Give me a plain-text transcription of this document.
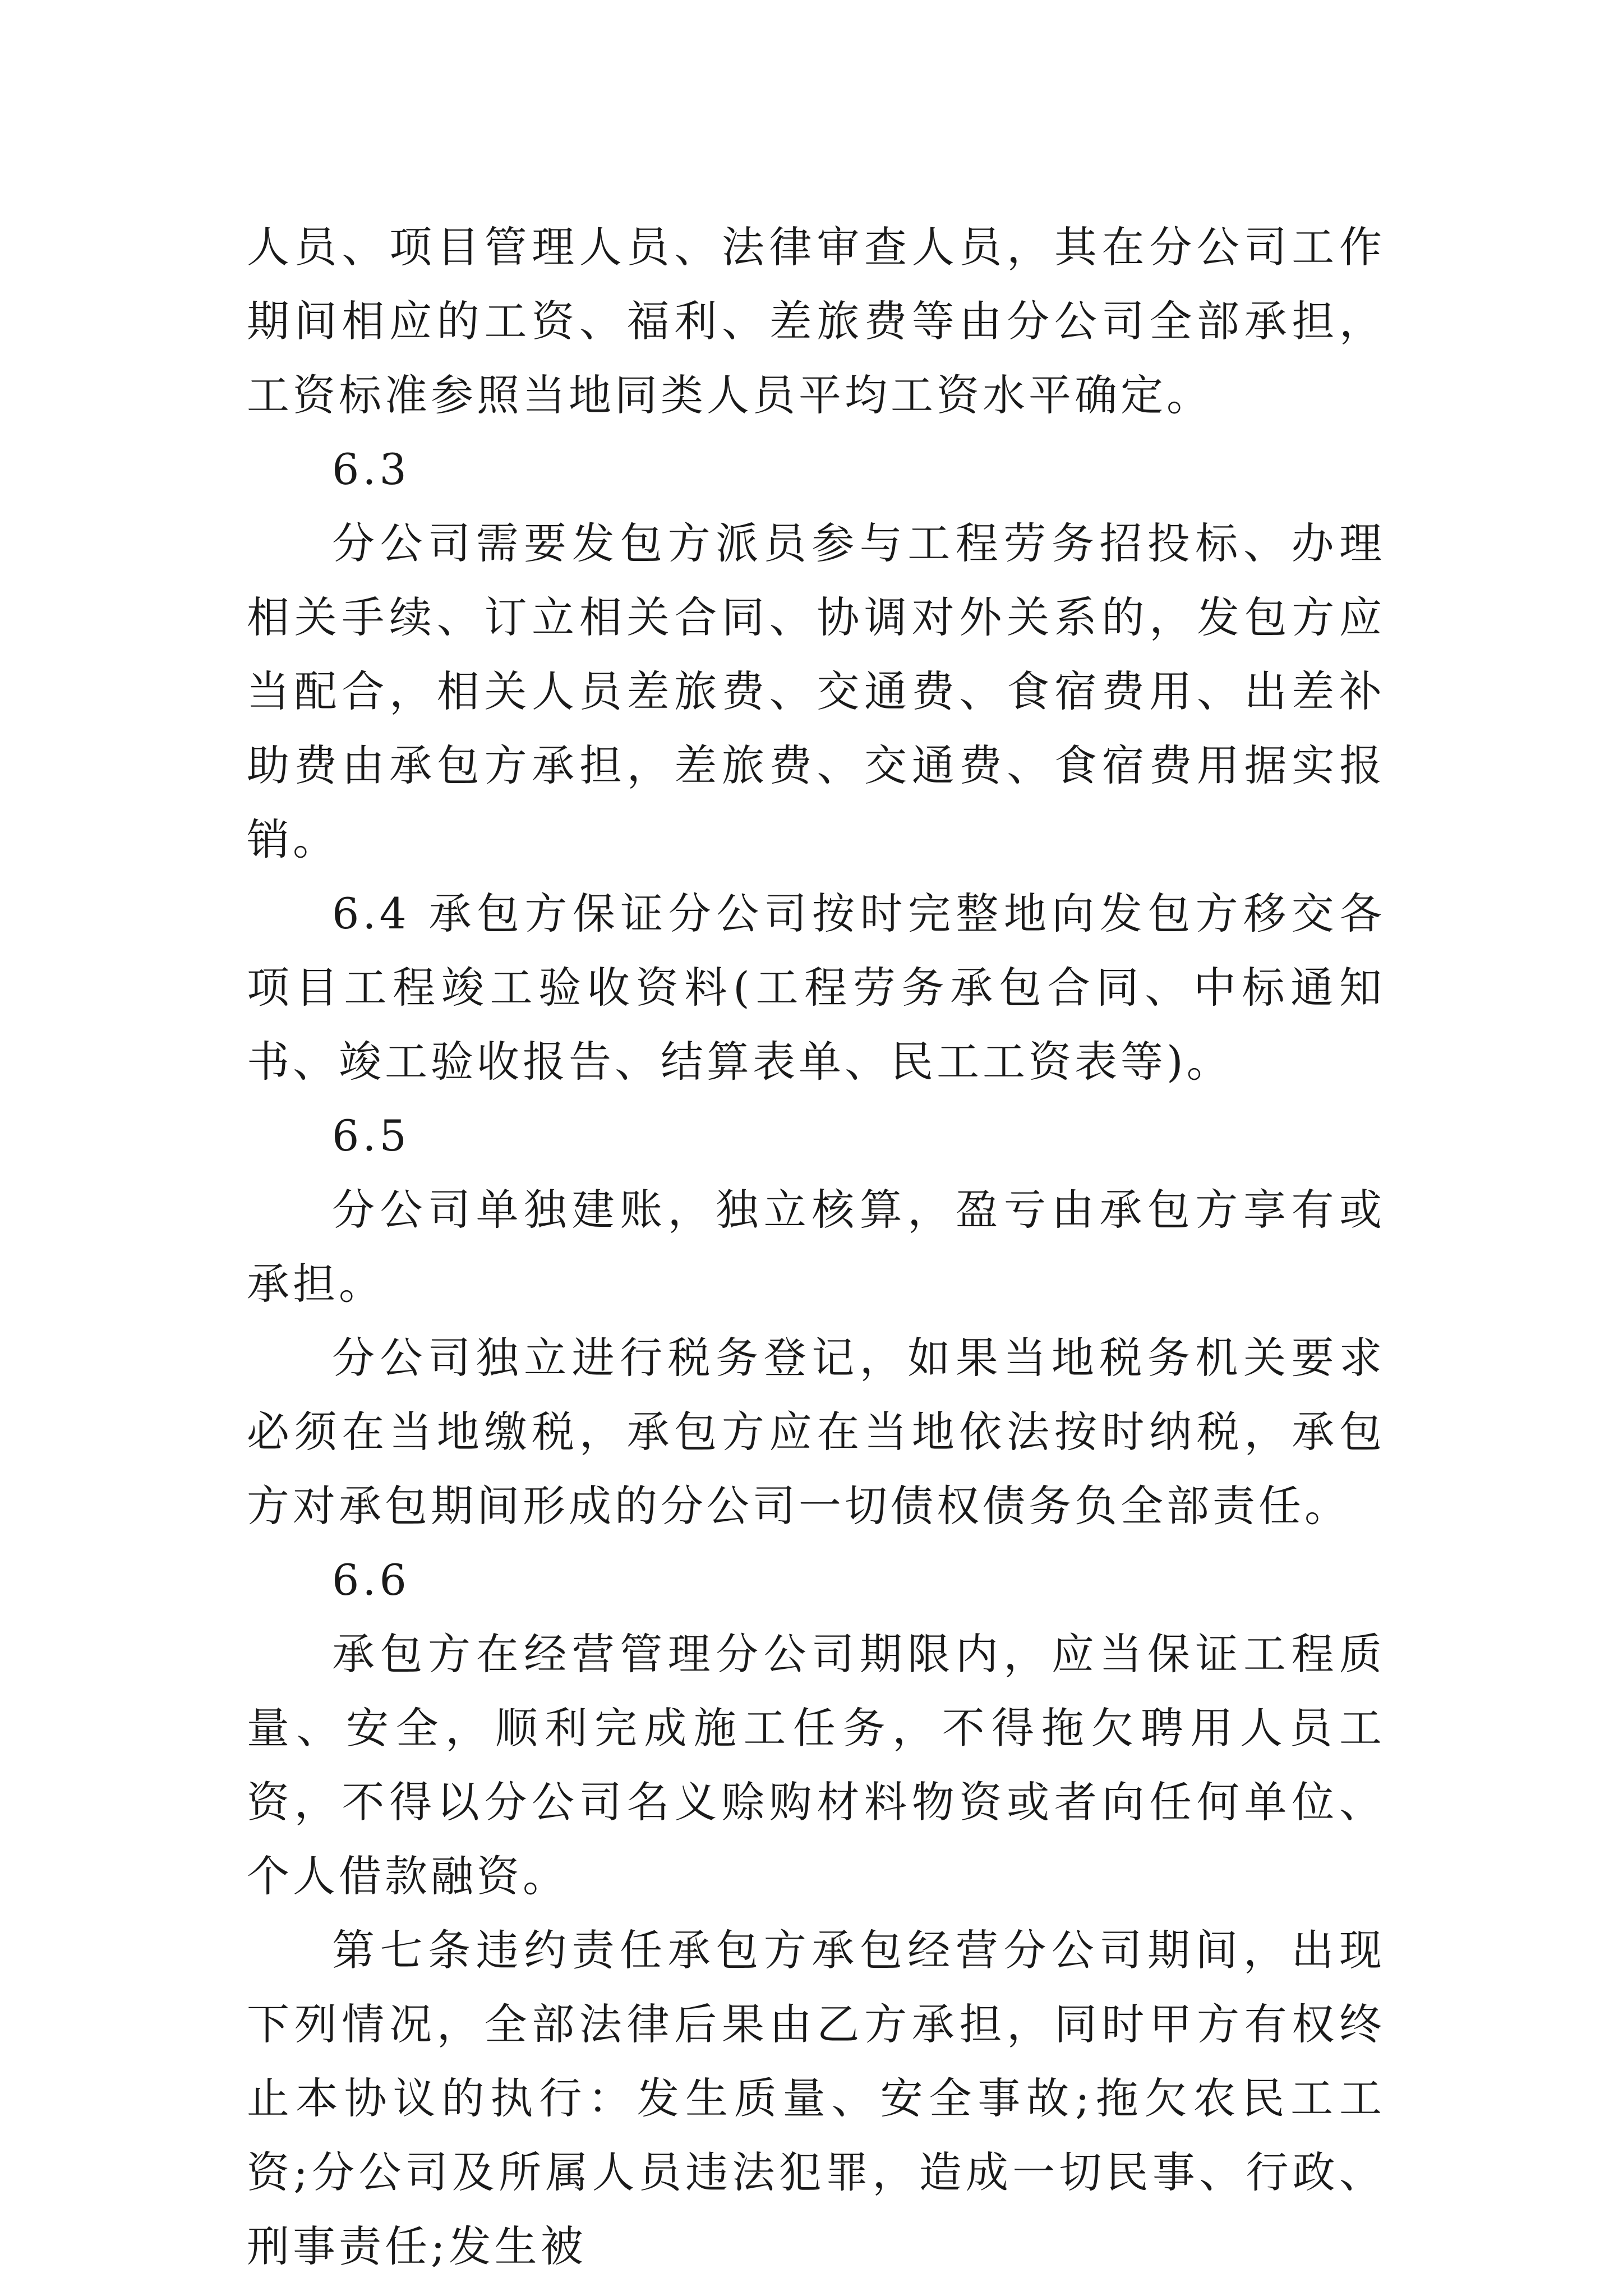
人员、项目管理人员、法律审查人员，其在分公司工作期间相应的工资、福利、差旅费等由分公司全部承担，工资标准参照当地同类人员平均工资水平确定。

6.3

分公司需要发包方派员参与工程劳务招投标、办理相关手续、订立相关合同、协调对外关系的，发包方应当配合，相关人员差旅费、交通费、食宿费用、出差补助费由承包方承担，差旅费、交通费、食宿费用据实报销。

6.4 承包方保证分公司按时完整地向发包方移交各项目工程竣工验收资料(工程劳务承包合同、中标通知书、竣工验收报告、结算表单、民工工资表等)。

6.5

分公司单独建账，独立核算，盈亏由承包方享有或承担。

分公司独立进行税务登记，如果当地税务机关要求必须在当地缴税，承包方应在当地依法按时纳税，承包方对承包期间形成的分公司一切债权债务负全部责任。

6.6

承包方在经营管理分公司期限内，应当保证工程质量、安全，顺利完成施工任务，不得拖欠聘用人员工资，不得以分公司名义赊购材料物资或者向任何单位、个人借款融资。

第七条违约责任承包方承包经营分公司期间，出现下列情况，全部法律后果由乙方承担，同时甲方有权终止本协议的执行：发生质量、安全事故;拖欠农民工工资;分公司及所属人员违法犯罪，造成一切民事、行政、刑事责任;发生被
